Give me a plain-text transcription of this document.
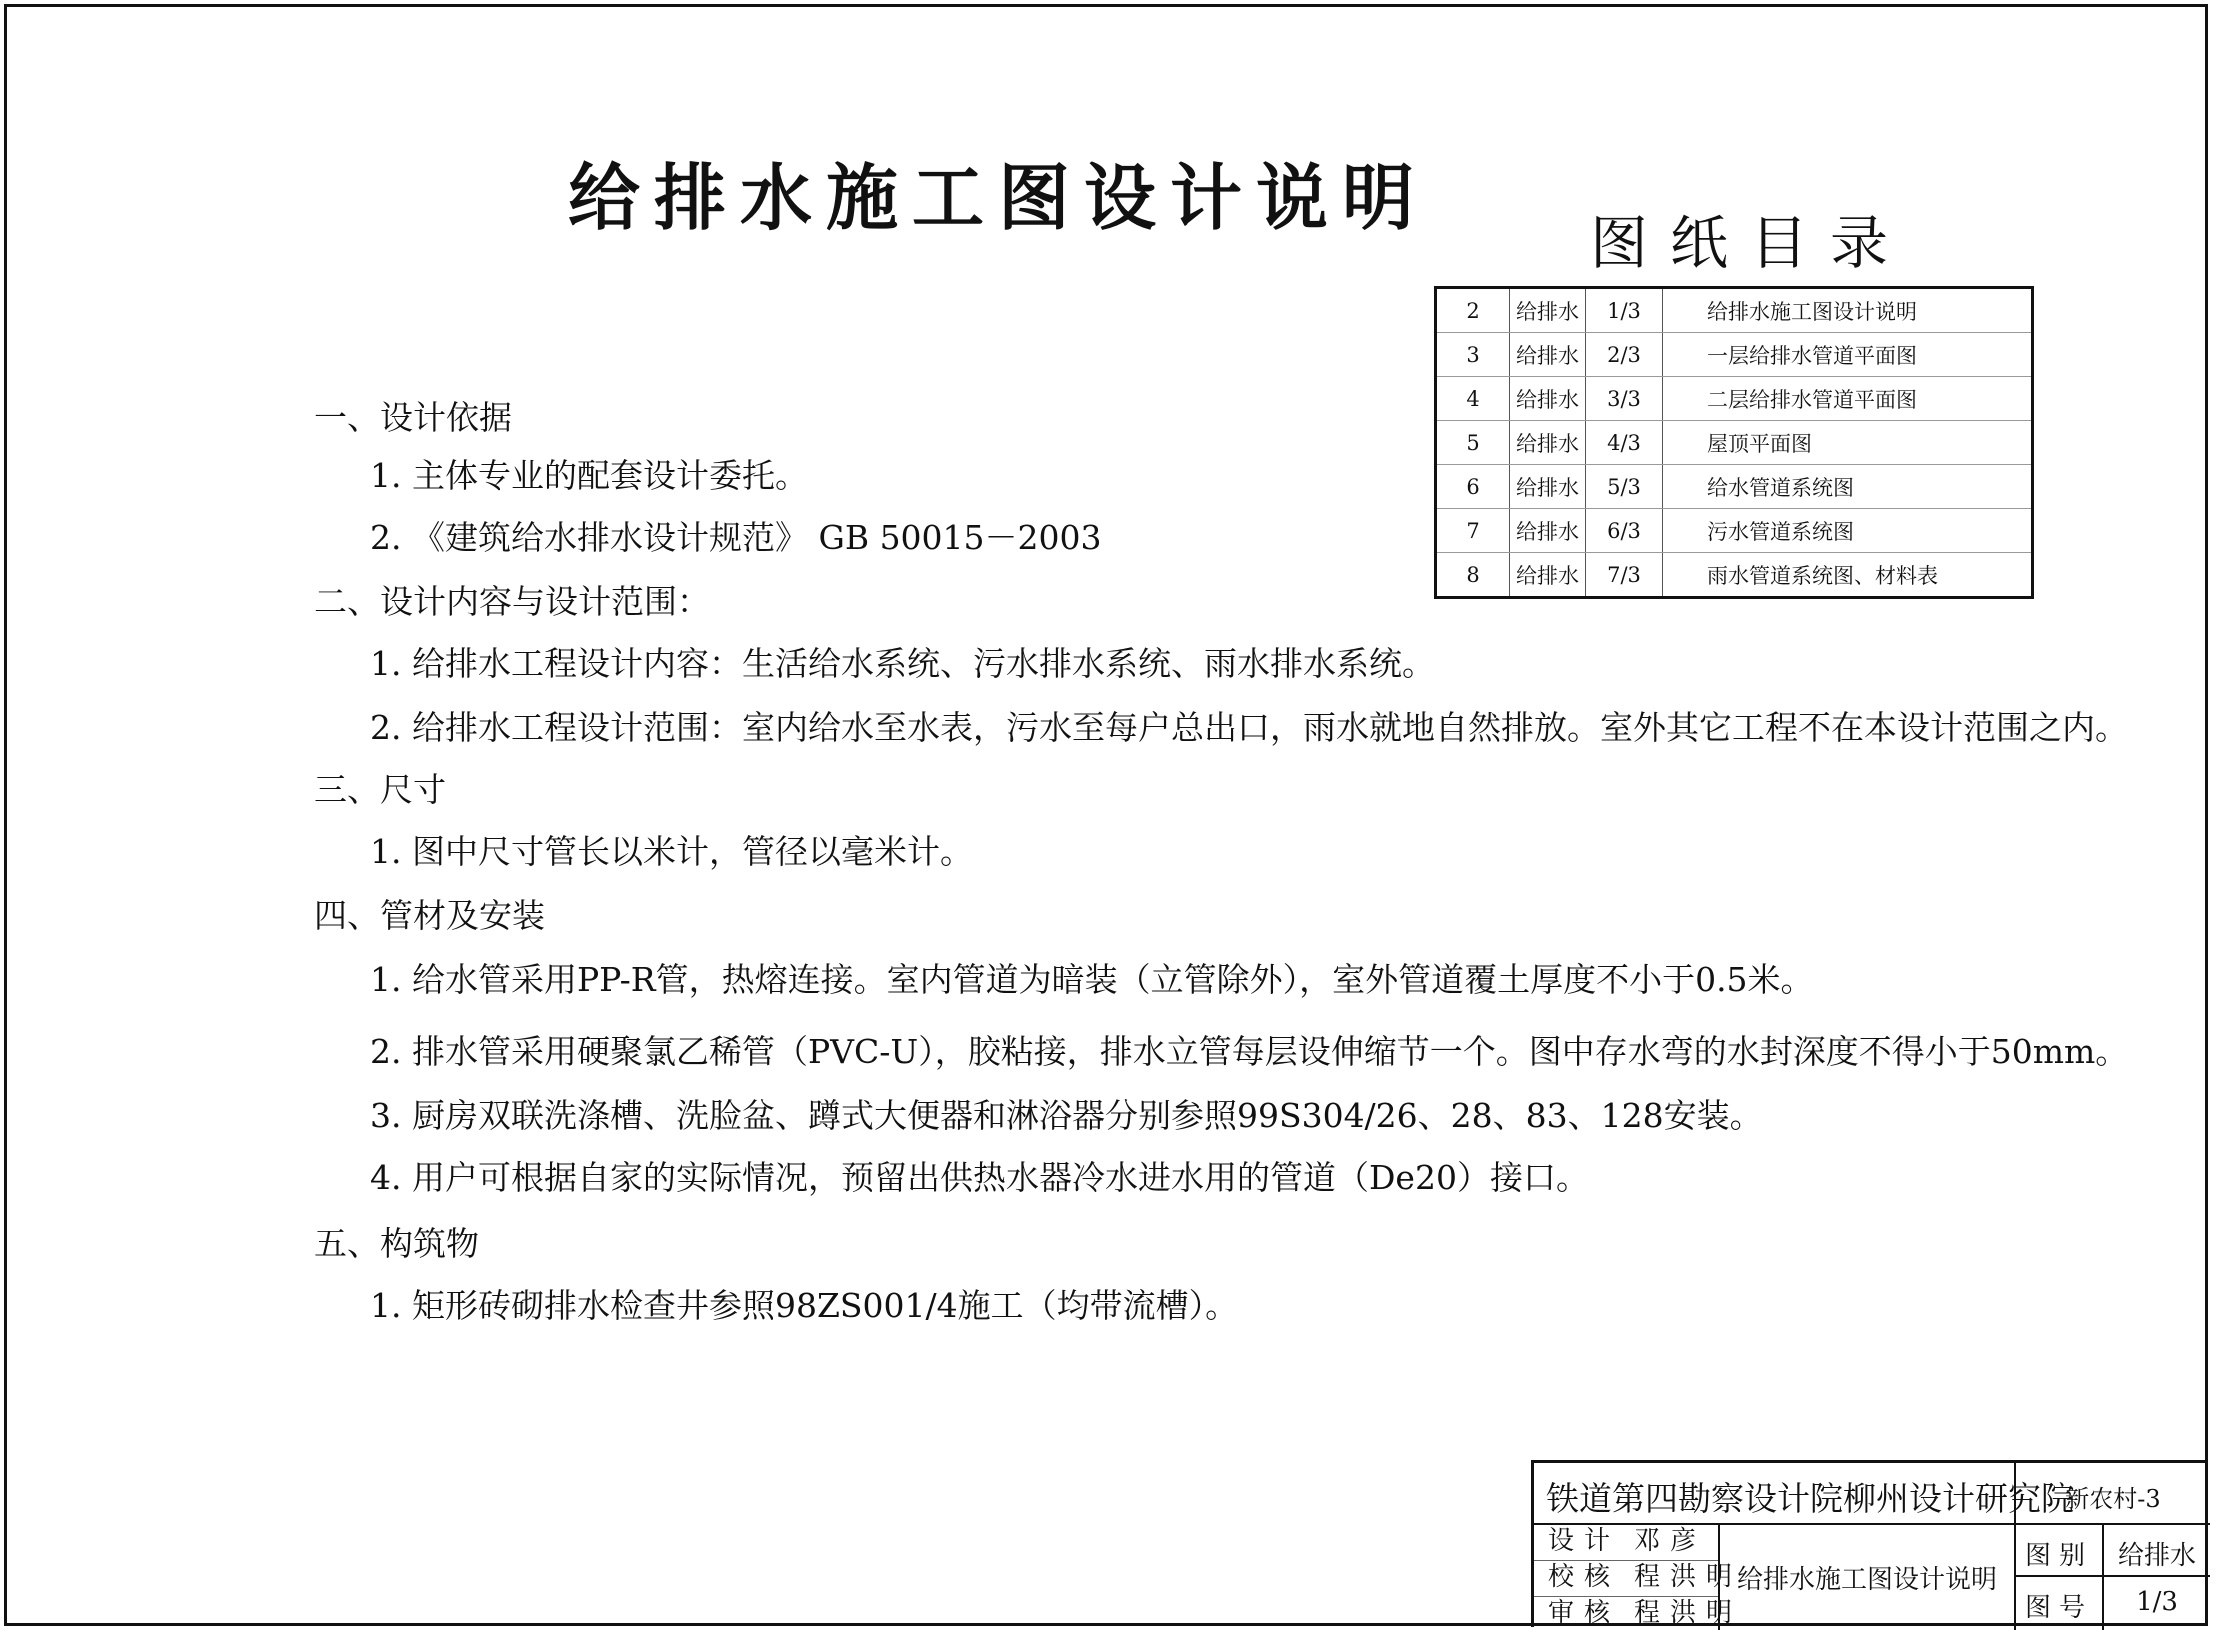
给排水施工图设计说明
图纸目录
2	给排水	1/3	给排水施工图设计说明
3	给排水	2/3	一层给排水管道平面图
4	给排水	3/3	二层给排水管道平面图
5	给排水	4/3	屋顶平面图
6	给排水	5/3	给水管道系统图
7	给排水	6/3	污水管道系统图
8	给排水	7/3	雨水管道系统图、材料表
一、设计依据
1. 主体专业的配套设计委托。
2. 《建筑给水排水设计规范》 GB 50015－2003
二、设计内容与设计范围：
1. 给排水工程设计内容：生活给水系统、污水排水系统、雨水排水系统。
2. 给排水工程设计范围：室内给水至水表，污水至每户总出口，雨水就地自然排放。室外其它工程不在本设计范围之内。
三、尺寸
1. 图中尺寸管长以米计，管径以毫米计。
四、管材及安装
1. 给水管采用PP-R管，热熔连接。室内管道为暗装（立管除外），室外管道覆土厚度不小于0.5米。
2. 排水管采用硬聚氯乙稀管（PVC-U），胶粘接，排水立管每层设伸缩节一个。图中存水弯的水封深度不得小于50mm。
3. 厨房双联洗涤槽、洗脸盆、蹲式大便器和淋浴器分别参照99S304/26、28、83、128安装。
4. 用户可根据自家的实际情况，预留出供热水器冷水进水用的管道（De20）接口。
五、构筑物
1. 矩形砖砌排水检查井参照98ZS001/4施工（均带流槽）。
铁道第四勘察设计院柳州设计研究院
新农村-3
设计 邓彦
校核 程洪明
审核 程洪明
给排水施工图设计说明
图别 给排水
图号	1/3
